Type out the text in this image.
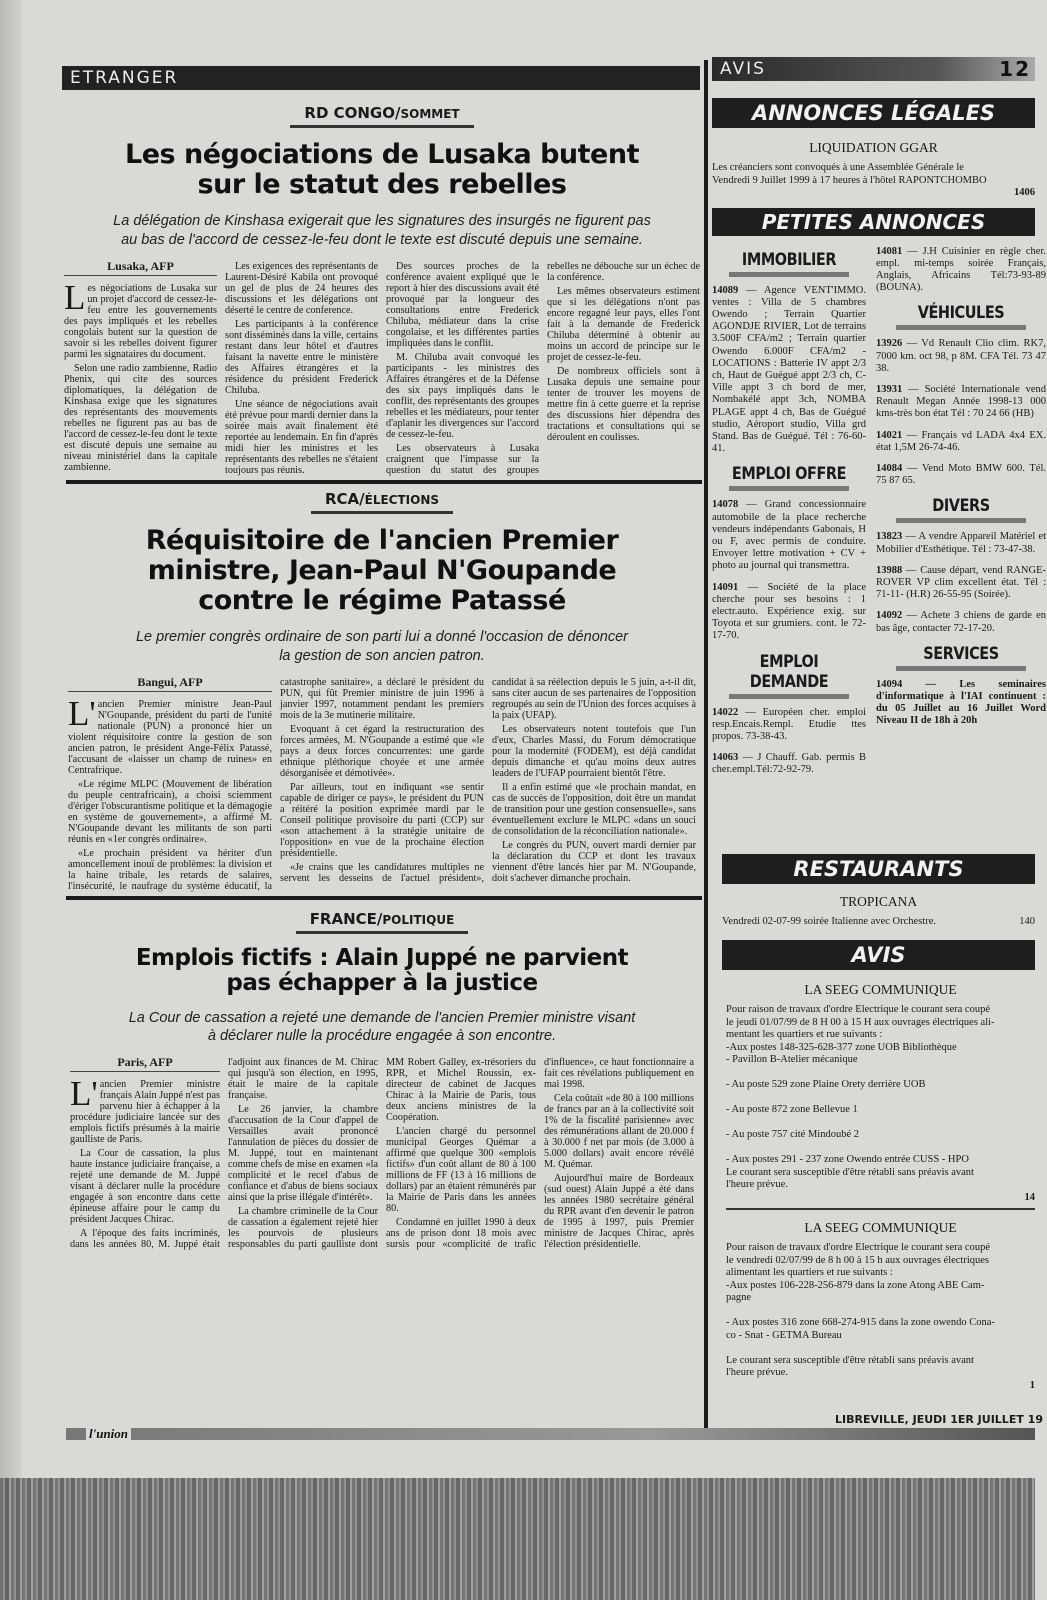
ETRANGER
RD CONGO/SOMMET
Les négociations de Lusaka butent
sur le statut des rebelles
La délégation de Kinshasa exigerait que les signatures des insurgés ne figurent pas
au bas de l'accord de cessez-le-feu dont le texte est discuté depuis une semaine.
Lusaka, AFP

Les négociations de Lusaka sur un projet d'accord de cessez-le-feu entre les gouvernements des pays impliqués et les rebelles congolais butent sur la question de savoir si les rebelles doivent figurer parmi les signataires du document.

Selon une radio zambienne, Radio Phenix, qui cite des sources diplomatiques, la délégation de Kinshasa exige que les signatures des représentants des mouvements rebelles ne figurent pas au bas de l'accord de cessez-le-feu dont le texte est discuté depuis une semaine au niveau ministériel dans la capitale zambienne.

Les exigences des représentants de Laurent-Désiré Kabila ont provoqué un gel de plus de 24 heures des discussions et les délégations ont déserté le centre de conference.

Les participants à la conférence sont disséminés dans la ville, certains restant dans leur hôtel et d'autres faisant la navette entre le ministère des Affaires étrangères et la résidence du président Frederick Chiluba.

Une séance de négociations avait été prévue pour mardi dernier dans la soirée mais avait finalement été reportée au lendemain. En fin d'après midi hier les ministres et les représentants des rebelles ne s'étaient toujours pas réunis.

Des sources proches de la conférence avaient expliqué que le report à hier des discussions avait été provoqué par la longueur des consultations entre Frederick Chiluba, médiateur dans la crise congolaise, et les différentes parties impliquées dans le conflit.

M. Chiluba avait convoqué les participants - les ministres des Affaires étrangères et de la Défense des six pays impliqués dans le conflit, des représentants des groupes rebelles et les médiateurs, pour tenter d'aplanir les divergences sur l'accord de cessez-le-feu.

Les observateurs à Lusaka craignent que l'impasse sur la question du statut des groupes rebelles ne débouche sur un échec de la conférence.

Les mêmes observateurs estiment que si les délégations n'ont pas encore regagné leur pays, elles l'ont fait à la demande de Frederick Chiluba déterminé à obtenir au moins un accord de principe sur le projet de cessez-le-feu.

De nombreux officiels sont à Lusaka depuis une semaine pour tenter de trouver les moyens de mettre fin à cette guerre et la reprise des discussions hier dépendra des tractations et consultations qui se déroulent en coulisses.

RCA/ÉLECTIONS
Réquisitoire de l'ancien Premier
ministre, Jean-Paul N'Goupande
contre le régime Patassé
Le premier congrès ordinaire de son parti lui a donné l'occasion de dénoncer
la gestion de son ancien patron.
Bangui, AFP

L'ancien Premier ministre Jean-Paul N'Goupande, président du parti de l'unité nationale (PUN) a prononcé hier un violent réquisitoire contre la gestion de son ancien patron, le président Ange-Félix Patassé, l'accusant de «laisser un champ de ruines» en Centrafrique.

«Le régime MLPC (Mouvement de libération du peuple centrafricain), a choisi sciemment d'ériger l'obscurantisme politique et la démagogie en système de gouvernement», a affirmé M. N'Goupande devant les militants de son parti réunis en «1er congrès ordinaire».

«Le prochain président va hériter d'un amoncellement inouï de problèmes: la division et la haine tribale, les retards de salaires, l'insécurité, le naufrage du système éducatif, la catastrophe sanitaire», a déclaré le président du PUN, qui fût Premier ministre de juin 1996 à janvier 1997, notamment pendant les premiers mois de la 3e mutinerie militaire.

Evoquant à cet égard la restructuration des forces armées, M. N'Goupande a estimé que «le pays a deux forces concurrentes: une garde ethnique pléthorique choyée et une armée désorganisée et démotivée».

Par ailleurs, tout en indiquant «se sentir capable de diriger ce pays», le président du PUN a réitéré la position exprimée mardi par le Conseil politique provisoire du parti (CCP) sur «son attachement à la stratégie unitaire de l'opposition» en vue de la prochaine élection présidentielle.

«Je crains que les candidatures multiples ne servent les desseins de l'actuel président», candidat à sa réélection depuis le 5 juin, a-t-il dit, sans citer aucun de ses partenaires de l'opposition regroupés au sein de l'Union des forces acquises à la paix (UFAP).

Les observateurs notent toutefois que l'un d'eux, Charles Massi, du Forum démocratique pour la modernité (FODEM), est déjà candidat depuis dimanche et qu'au moins deux autres leaders de l'UFAP pourraient bientôt l'être.

Il a enfin estimé que «le prochain mandat, en cas de succès de l'opposition, doit être un mandat de transition pour une gestion consensuelle», sans éventuellement exclure le MLPC «dans un souci de consolidation de la réconciliation nationale».

Le congrès du PUN, ouvert mardi dernier par la déclaration du CCP et dont les travaux viennent d'être lancés hier par M. N'Goupande, doit s'achever dimanche prochain.

FRANCE/POLITIQUE
Emplois fictifs : Alain Juppé ne parvient
pas échapper à la justice
La Cour de cassation a rejeté une demande de l'ancien Premier ministre visant
à déclarer nulle la procédure engagée à son encontre.
Paris, AFP

L'ancien Premier ministre français Alain Juppé n'est pas parvenu hier à échapper à la procédure judiciaire lancée sur des emplois fictifs présumés à la mairie gaulliste de Paris.

La Cour de cassation, la plus haute instance judiciaire française, a rejeté une demande de M. Juppé visant à déclarer nulle la procédure engagée à son encontre dans cette épineuse affaire pour le camp du président Jacques Chirac.

A l'époque des faits incriminés, dans les années 80, M. Juppé était l'adjoint aux finances de M. Chirac qui jusqu'à son élection, en 1995, était le maire de la capitale française.

Le 26 janvier, la chambre d'accusation de la Cour d'appel de Versailles avait prononcé l'annulation de pièces du dossier de M. Juppé, tout en maintenant comme chefs de mise en examen «la complicité et le recel d'abus de confiance et d'abus de biens sociaux ainsi que la prise illégale d'intérêt».

La chambre criminelle de la Cour de cassation a également rejeté hier les pourvois de plusieurs responsables du parti gaulliste dont MM Robert Galley, ex-trésoriers du RPR, et Michel Roussin, ex-directeur de cabinet de Jacques Chirac à la Mairie de Paris, tous deux anciens ministres de la Coopération.

L'ancien chargé du personnel municipal Georges Quémar a affirmé que quelque 300 «emplois fictifs» d'un coût allant de 80 à 100 millions de FF (13 à 16 millions de dollars) par an étaient rémunérés par la Mairie de Paris dans les années 80.

Condamné en juillet 1990 à deux ans de prison dont 18 mois avec sursis pour «complicité de trafic d'influence», ce haut fonctionnaire a fait ces révélations publiquement en mai 1998.

Cela coûtait «de 80 à 100 millions de francs par an à la collectivité soit 1% de la fiscalité parisienne» avec des rémunérations allant de 20.000 f à 30.000 f net par mois (de 3.000 à 5.000 dollars) avait encore révélé M. Quémar.

Aujourd'hui maire de Bordeaux (sud ouest) Alain Juppé a été dans les années 1980 secrétaire général du RPR avant d'en devenir le patron de 1995 à 1997, puis Premier ministre de Jacques Chirac, après l'élection présidentielle.

AVIS	12
ANNONCES LÉGALES
LIQUIDATION GGAR
Les créanciers sont convoqués à une Assemblée Générale le
Vendredi 9 Juillet 1999 à 17 heures à l'hôtel RAPONTCHOMBO
1406
PETITES ANNONCES
IMMOBILIER
14089 — Agence VENT'IMMO. ventes : Villa de 5 chambres Owendo ; Terrain Quartier AGONDJE RIVIER, Lot de terrains 3.500F CFA/m2 ; Terrain quartier Owendo 6.000F CFA/m2 - LOCATIONS : Batterie IV appt 2/3 ch, Haut de Guégué appt 2/3 ch, C-Ville appt 3 ch bord de mer, Nombakélé appt 3ch, NOMBA PLAGE appt 4 ch, Bas de Guégué studio, Aéroport studio, Villa grd Stand. Bas de Guégué. Tél : 76-60-41.
EMPLOI OFFRE
14078 — Grand concessionnaire automobile de la place recherche vendeurs indépendants Gabonais, H ou F, avec permis de conduire. Envoyer lettre motivation + CV + photo au journal qui transmettra.
14091 — Société de la place cherche pour ses besoins : 1 electr.auto. Expérience exig. sur Toyota et sur grumiers. cont. le 72-17-70.
EMPLOI DEMANDE
14022 — Européen cher. emploi resp.Encais.Rempl. Etudie ttes propos. 73-38-43.
14063 — J Chauff. Gab. permis B cher.empl.Tél:72-92-79.
14081 — J.H Cuisinier en règle cher. empl. mi-temps soirée Français, Anglais, Africains Tél:73-93-89 (BOUNA).
VÉHICULES
13926 — Vd Renault Clio clim. RK7, 7000 km. oct 98, p 8M. CFA Tél. 73 47 38.
13931 — Société Internationale vend Renault Megan Année 1998-13 000 kms-très bon état Tél : 70 24 66 (HB)
14021 — Français vd LADA 4x4 EX. état 1,5M 26-74-46.
14084 — Vend Moto BMW 600. Tél. 75 87 65.
DIVERS
13823 — A vendre Appareil Matériel et Mobilier d'Esthétique. Tél : 73-47-38.
13988 — Cause départ, vend RANGE-ROVER VP clim excellent état. Tél : 71-11- (H.R) 26-55-95 (Soirée).
14092 — Achete 3 chiens de garde en bas âge, contacter 72-17-20.
SERVICES
14094 — Les seminaires d'informatique à l'IAI continuent : du 05 Juillet au 16 Juillet Word Niveau II de 18h à 20h
RESTAURANTS
TROPICANA
Vendredi 02-07-99 soirée Italienne avec Orchestre.	140
AVIS
LA SEEG COMMUNIQUE
Pour raison de travaux d'ordre Electrique le courant sera coupé
le jeudi 01/07/99 de 8 H 00 à 15 H aux ouvrages électriques ali-
mentant les quartiers et rue suivants :
-Aux postes 148-325-628-377 zone UOB Bibliothèque
- Pavillon B-Atelier mécanique
- Au poste 529 zone Plaine Orety derrière UOB
- Au poste 872 zone Bellevue 1
- Au poste 757 cité Mindoubé 2
- Aux postes 291 - 237 zone Owendo entrée CUSS - HPO
Le courant sera susceptible d'être rétabli sans préavis avant
l'heure prévue.
14
LA SEEG COMMUNIQUE
Pour raison de travaux d'ordre Electrique le courant sera coupé
le vendredi 02/07/99 de 8 h 00 à 15 h aux ouvrages électriques
alimentant les quartiers et rue suivants :
-Aux postes 106-228-256-879 dans la zone Atong ABE Cam-
pagne
- Aux postes 316 zone 668-274-915 dans la zone owendo Cona-
co - Snat - GETMA Bureau
Le courant sera susceptible d'être rétabli sans préavis avant
l'heure prévue.
1
l'union
LIBREVILLE, JEUDI 1ER JUILLET 19
